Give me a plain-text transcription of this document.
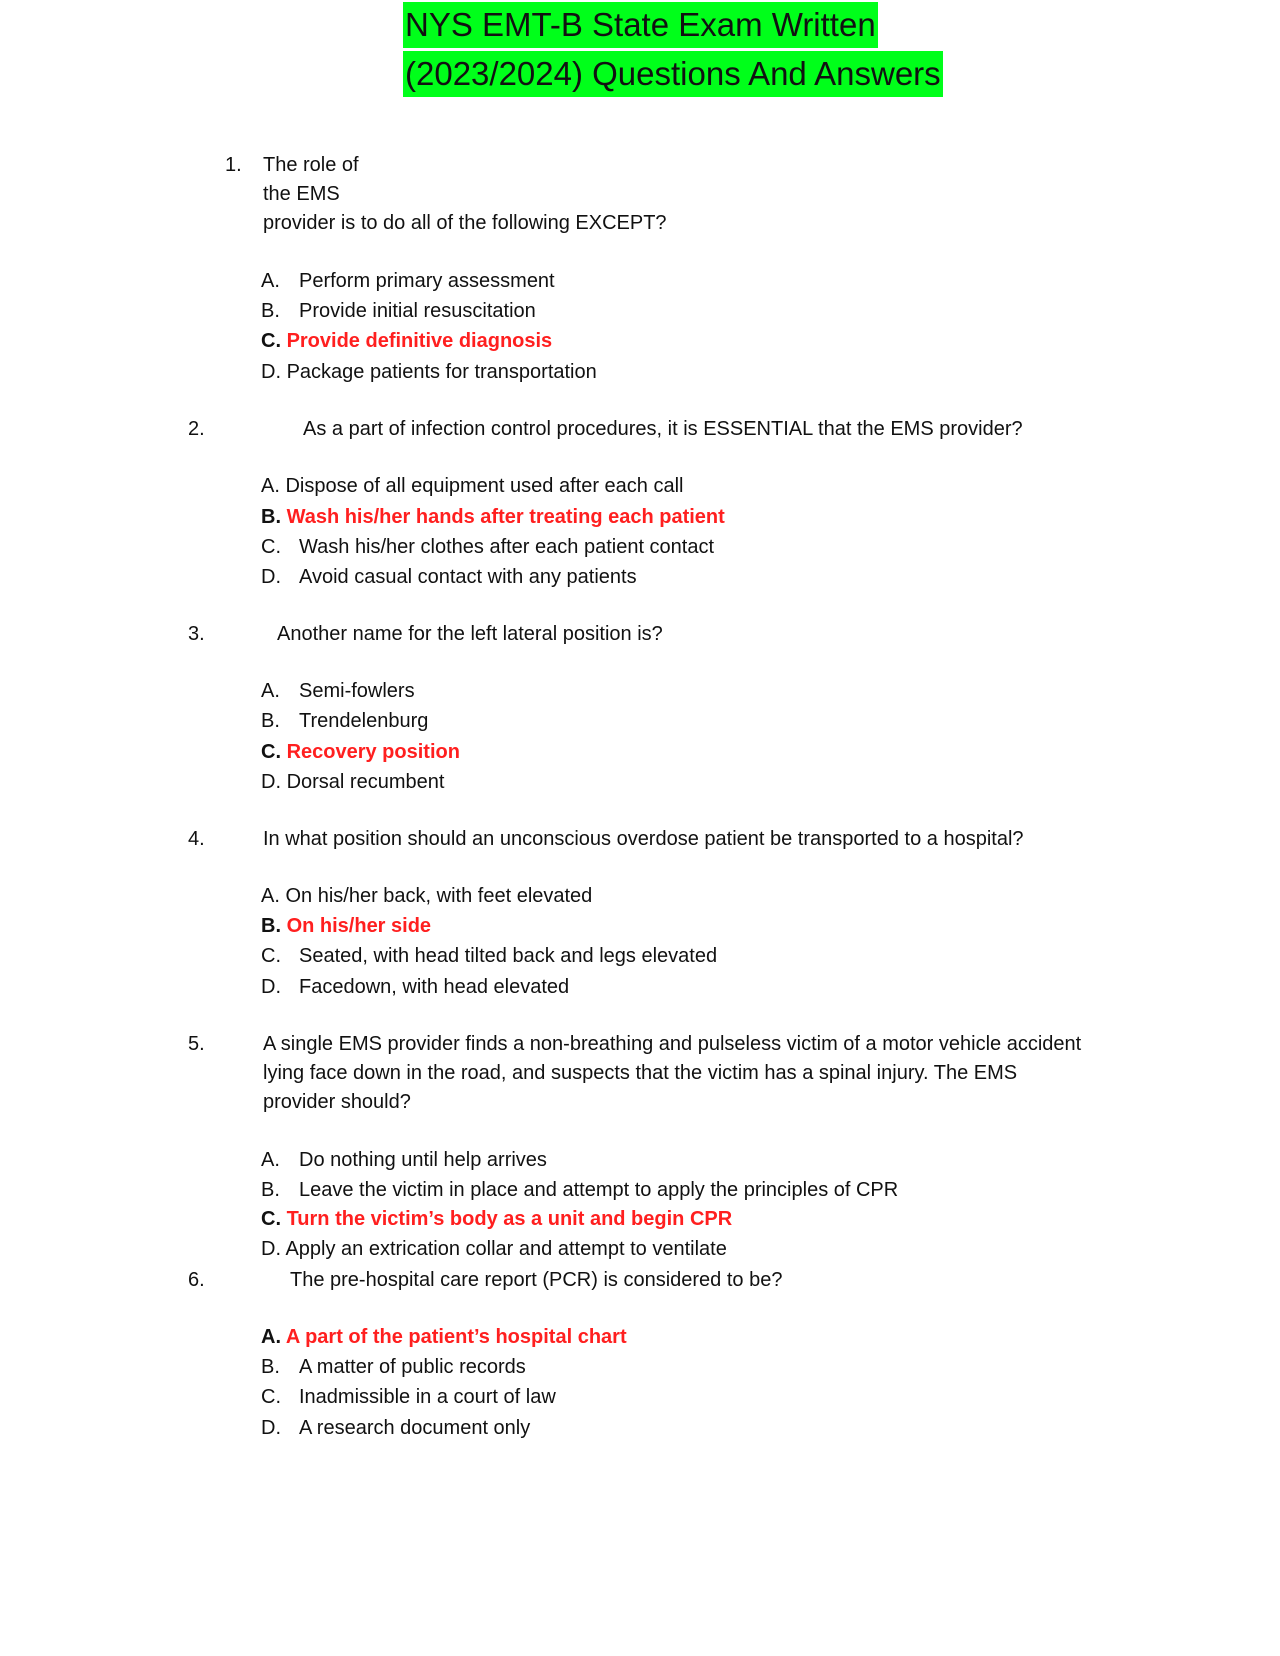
NYS EMT-B State Exam Written
(2023/2024) Questions And Answers
1. The role of
the EMS
provider is to do all of the following EXCEPT?
A. Perform primary assessment
B. Provide initial resuscitation
C. Provide definitive diagnosis
D. Package patients for transportation
2.	As a part of infection control procedures, it is ESSENTIAL that the EMS provider?
A. Dispose of all equipment used after each call
B. Wash his/her hands after treating each patient
C. Wash his/her clothes after each patient contact
D. Avoid casual contact with any patients
3.	Another name for the left lateral position is?
A. Semi-fowlers
B. Trendelenburg
C. Recovery position
D. Dorsal recumbent
4.	In what position should an unconscious overdose patient be transported to a hospital?
A. On his/her back, with feet elevated
B. On his/her side
C. Seated, with head tilted back and legs elevated
D. Facedown, with head elevated
5.	A single EMS provider finds a non-breathing and pulseless victim of a motor vehicle accident
lying face down in the road, and suspects that the victim has a spinal injury. The EMS
provider should?
A. Do nothing until help arrives
B. Leave the victim in place and attempt to apply the principles of CPR
C. Turn the victim’s body as a unit and begin CPR
D. Apply an extrication collar and attempt to ventilate
6.	The pre-hospital care report (PCR) is considered to be?
A. A part of the patient’s hospital chart
B. A matter of public records
C. Inadmissible in a court of law
D. A research document only
